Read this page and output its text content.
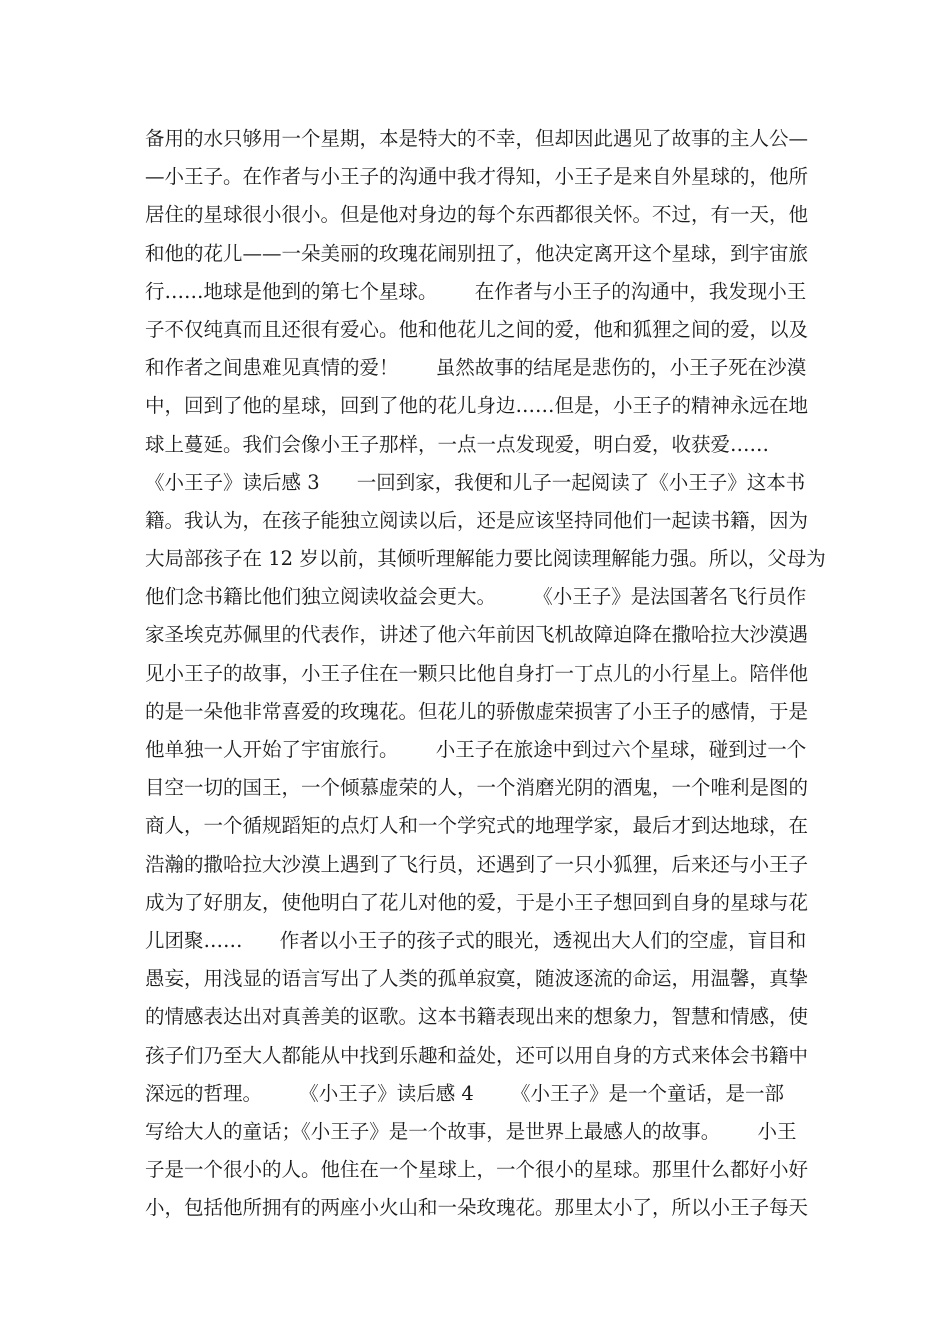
备用的水只够用一个星期，本是特大的不幸，但却因此遇见了故事的主人公—
—小王子。在作者与小王子的沟通中我才得知，小王子是来自外星球的，他所
居住的星球很小很小。但是他对身边的每个东西都很关怀。不过，有一天，他
和他的花儿——一朵美丽的玫瑰花闹别扭了，他决定离开这个星球，到宇宙旅
行……地球是他到的第七个星球。      在作者与小王子的沟通中，我发现小王
子不仅纯真而且还很有爱心。他和他花儿之间的爱，他和狐狸之间的爱，以及
和作者之间患难见真情的爱！      虽然故事的结尾是悲伤的，小王子死在沙漠
中，回到了他的星球，回到了他的花儿身边……但是，小王子的精神永远在地
球上蔓延。我们会像小王子那样，一点一点发现爱，明白爱，收获爱……
《小王子》读后感 3      一回到家，我便和儿子一起阅读了《小王子》这本书
籍。我认为，在孩子能独立阅读以后，还是应该坚持同他们一起读书籍，因为
大局部孩子在 12 岁以前，其倾听理解能力要比阅读理解能力强。所以，父母为
他们念书籍比他们独立阅读收益会更大。      《小王子》是法国著名飞行员作
家圣埃克苏佩里的代表作，讲述了他六年前因飞机故障迫降在撒哈拉大沙漠遇
见小王子的故事，小王子住在一颗只比他自身打一丁点儿的小行星上。陪伴他
的是一朵他非常喜爱的玫瑰花。但花儿的骄傲虚荣损害了小王子的感情，于是
他单独一人开始了宇宙旅行。      小王子在旅途中到过六个星球，碰到过一个
目空一切的国王，一个倾慕虚荣的人，一个消磨光阴的酒鬼，一个唯利是图的
商人，一个循规蹈矩的点灯人和一个学究式的地理学家，最后才到达地球，在
浩瀚的撒哈拉大沙漠上遇到了飞行员，还遇到了一只小狐狸，后来还与小王子
成为了好朋友，使他明白了花儿对他的爱，于是小王子想回到自身的星球与花
儿团聚……      作者以小王子的孩子式的眼光，透视出大人们的空虚，盲目和
愚妄，用浅显的语言写出了人类的孤单寂寞，随波逐流的命运，用温馨，真挚
的情感表达出对真善美的讴歌。这本书籍表现出来的想象力，智慧和情感，使
孩子们乃至大人都能从中找到乐趣和益处，还可以用自身的方式来体会书籍中
深远的哲理。      《小王子》读后感 4      《小王子》是一个童话，是一部
写给大人的童话；《小王子》是一个故事，是世界上最感人的故事。      小王
子是一个很小的人。他住在一个星球上，一个很小的星球。那里什么都好小好
小，包括他所拥有的两座小火山和一朵玫瑰花。那里太小了，所以小王子每天
